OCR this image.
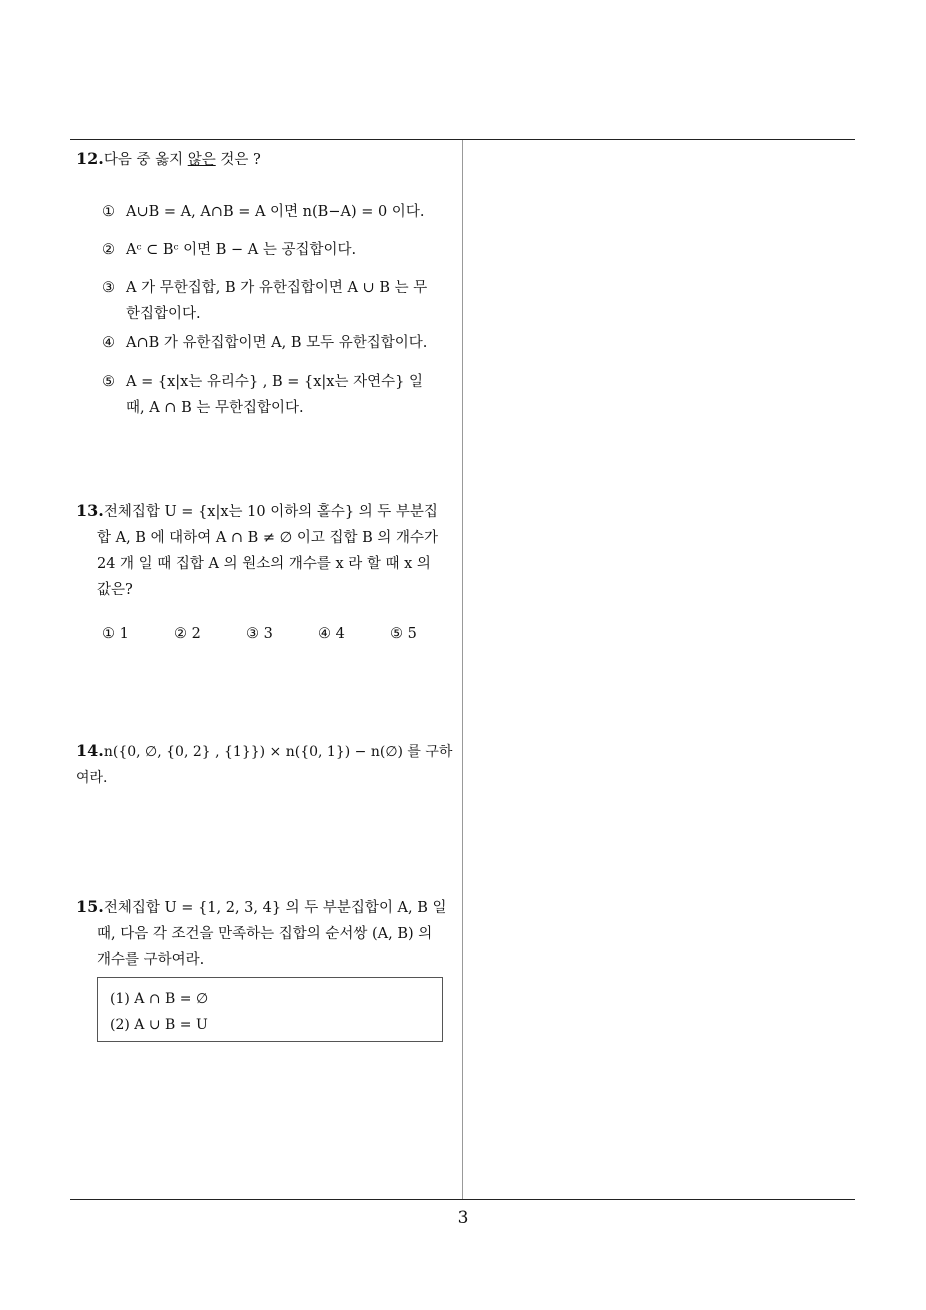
12.다음 중 옳지 않은 것은 ?
① A∪B = A, A∩B = A 이면 n(B−A) = 0 이다.
② Aᶜ ⊂ Bᶜ 이면 B − A 는 공집합이다.
③ A 가 무한집합, B 가 유한집합이면 A ∪ B 는 무
한집합이다.
④ A∩B 가 유한집합이면 A, B 모두 유한집합이다.
⑤ A = {x|x는 유리수} , B = {x|x는 자연수} 일
때, A ∩ B 는 무한집합이다.
13.전체집합 U = {x|x는 10 이하의 홀수} 의 두 부분집
합 A, B 에 대하여 A ∩ B ≠ ∅ 이고 집합 B 의 개수가
24 개 일 때 집합 A 의 원소의 개수를 x 라 할 때 x 의
값은?
① 1	② 2	③ 3	④ 4	⑤ 5
14.n({0, ∅, {0, 2} , {1}}) × n({0, 1}) − n(∅) 를 구하여라.
15.전체집합 U = {1, 2, 3, 4} 의 두 부분집합이 A, B 일
때, 다음 각 조건을 만족하는 집합의 순서쌍 (A, B) 의
개수를 구하여라.
(1) A ∩ B = ∅
(2) A ∪ B = U
3
